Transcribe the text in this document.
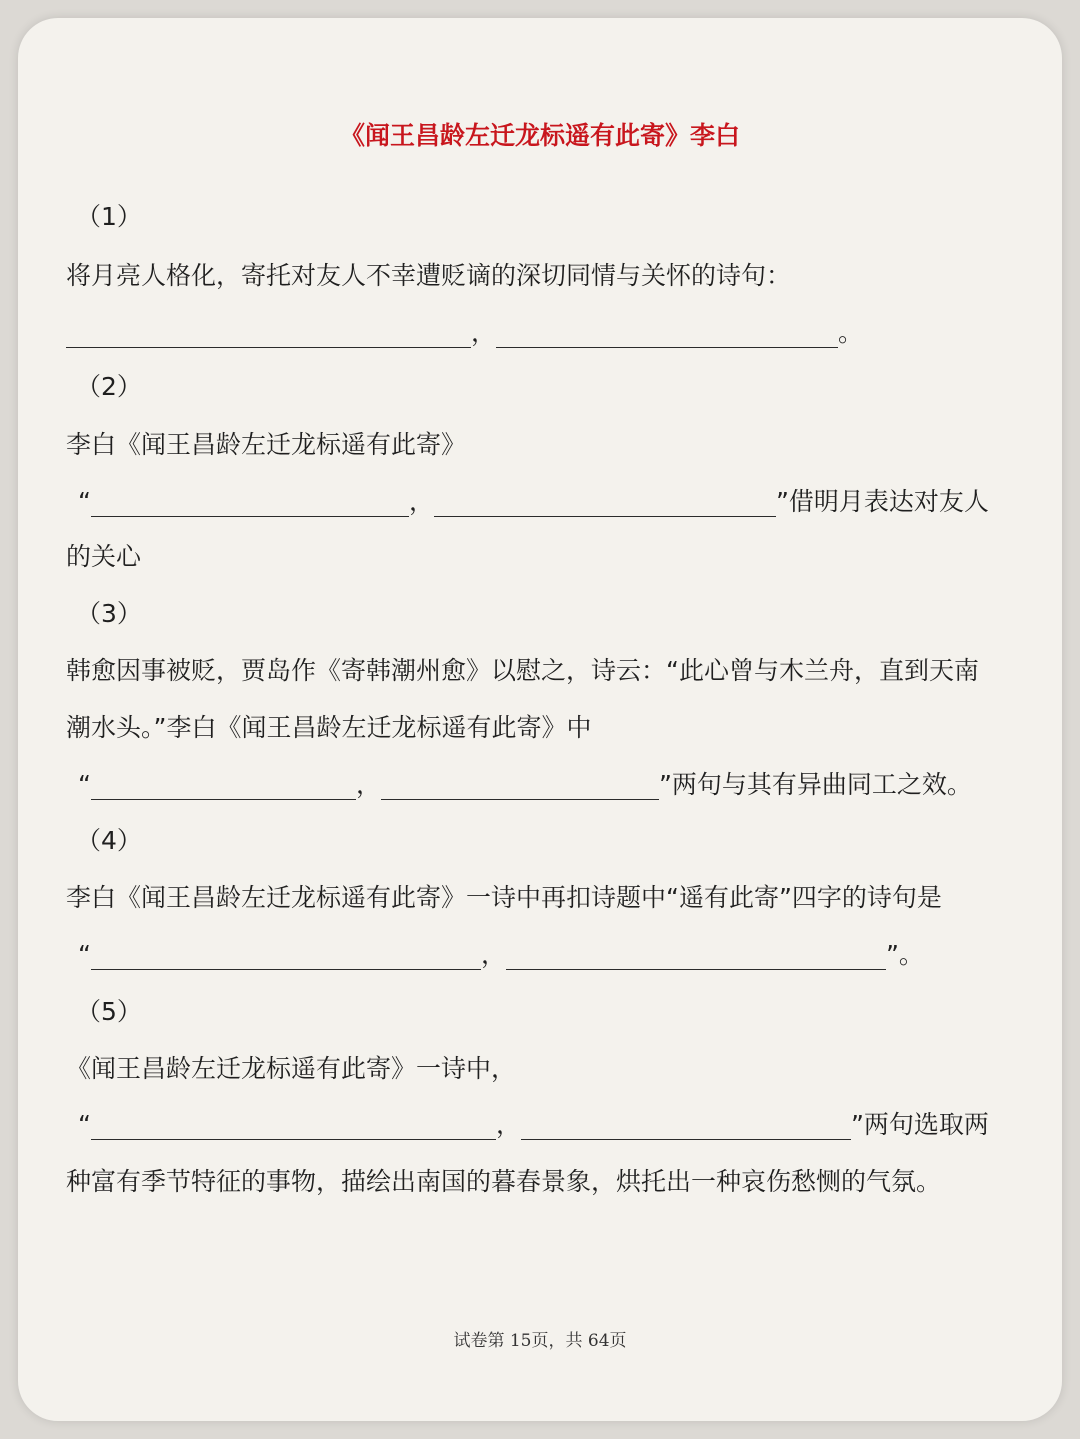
《闻王昌龄左迁龙标遥有此寄》李白
（1）
将月亮人格化，寄托对友人不幸遭贬谪的深切同情与关怀的诗句：
，	。
（2）
李白《闻王昌龄左迁龙标遥有此寄》
“	，	”借明月表达对友人
的关心
（3）
韩愈因事被贬，贾岛作《寄韩潮州愈》以慰之，诗云：“此心曾与木兰舟，直到天南
潮水头。”李白《闻王昌龄左迁龙标遥有此寄》中
“	，	”两句与其有异曲同工之效。
（4）
李白《闻王昌龄左迁龙标遥有此寄》一诗中再扣诗题中“遥有此寄”四字的诗句是
“	，	”。
（5）
《闻王昌龄左迁龙标遥有此寄》一诗中，
“	，	”两句选取两
种富有季节特征的事物，描绘出南国的暮春景象，烘托出一种哀伤愁恻的气氛。
试卷第 15页，共 64页
